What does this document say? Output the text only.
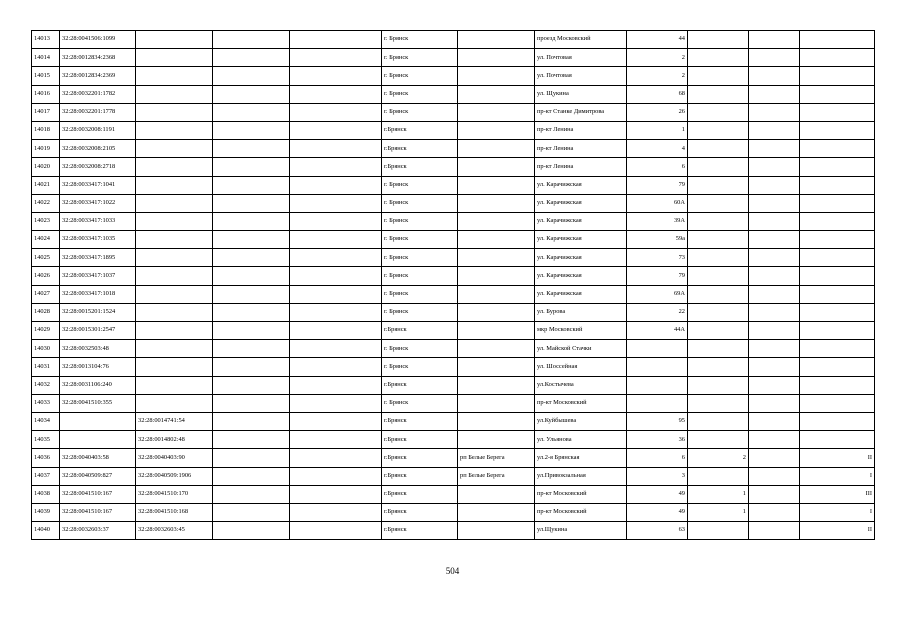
14013	32:28:0041506:1099				г. Брянск		проезд Московский	44			
14014	32:28:0012834:2368				г. Брянск		ул. Почтовая	2			
14015	32:28:0012834:2369				г. Брянск		ул. Почтовая	2			
14016	32:28:0032201:1782				г. Брянск		ул. Щукина	68			
14017	32:28:0032201:1778				г. Брянск		пр-кт Станке Димитрова	26			
14018	32:28:0032008:1191				г.Брянск		пр-кт Ленина	1			
14019	32:28:0032008:2105				г.Брянск		пр-кт Ленина	4			
14020	32:28:0032008:2718				г.Брянск		пр-кт Ленина	6			
14021	32:28:0033417:1041				г. Брянск		ул. Карачижская	79			
14022	32:28:0033417:1022				г. Брянск		ул. Карачижская	60А			
14023	32:28:0033417:1033				г. Брянск		ул. Карачижская	39А			
14024	32:28:0033417:1035				г. Брянск		ул. Карачижская	59а			
14025	32:28:0033417:1895				г. Брянск		ул. Карачижская	73			
14026	32:28:0033417:1037				г. Брянск		ул. Карачижская	79			
14027	32:28:0033417:1018				г. Брянск		ул. Карачижская	69А			
14028	32:28:0015201:1524				г. Брянск		ул. Бурова	22			
14029	32:28:0015301:2547				г.Брянск		мкр Московский	44А			
14030	32:28:0032503:48				г. Брянск		ул. Майской Стачки				
14031	32:28:0013104:76				г. Брянск		ул. Шоссейная				
14032	32:28:0031106:240				г.Брянск		ул.Костычева				
14033	32:28:0041510:355				г. Брянск		пр-кт Московский				
14034		32:28:0014741:54			г.Брянск		ул.Куйбышева	95			
14035		32:28:0014802:48			г.Брянск		ул. Ульянова	36			
14036	32:28:0040403:58	32:28:0040403:90			г.Брянск	рп Белые Берега	ул.2-я Брянская	6	2		II
14037	32:28:0040509:827	32:28:0040509:1906			г.Брянск	рп Белые Берега	ул.Привокзальная	3			I
14038	32:28:0041510:167	32:28:0041510:170			г.Брянск		пр-кт Московский	49	1		III
14039	32:28:0041510:167	32:28:0041510:168			г.Брянск		пр-кт Московский	49	1		I
14040	32:28:0032603:37	32:28:0032603:45			г.Брянск		ул.Щукина	63			II
504
